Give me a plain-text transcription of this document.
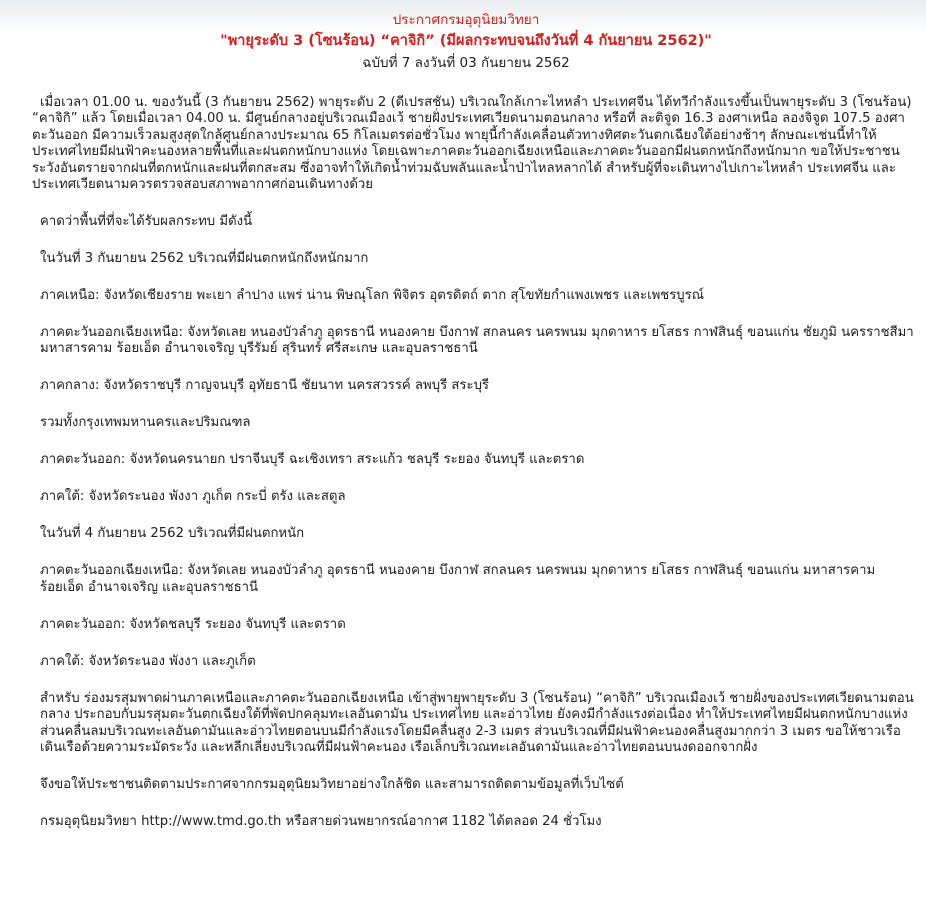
ประกาศกรมอุตุนิยมวิทยา
"พายุระดับ 3 (โซนร้อน) “คาจิกิ” (มีผลกระทบจนถึงวันที่ 4 กันยายน 2562)"
ฉบับที่ 7 ลงวันที่ 03 กันยายน 2562

เมื่อเวลา 01.00 น. ของวันนี้ (3 กันยายน 2562) พายุระดับ 2 (ดีเปรสชัน) บริเวณใกล้เกาะไหหลำ ประเทศจีน ได้ทวีกำลังแรงขึ้นเป็นพายุระดับ 3 (โซนร้อน) “คาจิกิ” แล้ว โดยเมื่อเวลา 04.00 น. มีศูนย์กลางอยู่บริเวณเมืองเว้ ชายฝั่งประเทศเวียดนามตอนกลาง หรือที่ ละติจูด 16.3 องศาเหนือ ลองจิจูด 107.5 องศาตะวันออก มีความเร็วลมสูงสุดใกล้ศูนย์กลางประมาณ 65 กิโลเมตรต่อชั่วโมง พายุนี้กำลังเคลื่อนตัวทางทิศตะวันตกเฉียงใต้อย่างช้าๆ ลักษณะเช่นนี้ทำให้ประเทศไทยมีฝนฟ้าคะนองหลายพื้นที่และฝนตกหนักบางแห่ง โดยเฉพาะภาคตะวันออกเฉียงเหนือและภาคตะวันออกมีฝนตกหนักถึงหนักมาก ขอให้ประชาชนระวังอันตรายจากฝนที่ตกหนักและฝนที่ตกสะสม ซึ่งอาจทำให้เกิดน้ำท่วมฉับพลันและน้ำป่าไหลหลากได้ สำหรับผู้ที่จะเดินทางไปเกาะไหหลำ ประเทศจีน และประเทศเวียดนามควรตรวจสอบสภาพอากาศก่อนเดินทางด้วย

คาดว่าพื้นที่ที่จะได้รับผลกระทบ มีดังนี้

ในวันที่ 3 กันยายน 2562 บริเวณที่มีฝนตกหนักถึงหนักมาก

ภาคเหนือ: จังหวัดเชียงราย พะเยา ลำปาง แพร่ น่าน พิษณุโลก พิจิตร อุตรดิตถ์ ตาก สุโขทัยกำแพงเพชร และเพชรบูรณ์

ภาคตะวันออกเฉียงเหนือ: จังหวัดเลย หนองบัวลำภู อุดรธานี หนองคาย บึงกาฬ สกลนคร นครพนม มุกดาหาร ยโสธร กาฬสินธุ์ ขอนแก่น ชัยภูมิ นครราชสีมา มหาสารคาม ร้อยเอ็ด อำนาจเจริญ บุรีรัมย์ สุรินทร์ ศรีสะเกษ และอุบลราชธานี

ภาคกลาง: จังหวัดราชบุรี กาญจนบุรี อุทัยธานี ชัยนาท นครสวรรค์ ลพบุรี สระบุรี

รวมทั้งกรุงเทพมหานครและปริมณฑล

ภาคตะวันออก: จังหวัดนครนายก ปราจีนบุรี ฉะเชิงเทรา สระแก้ว ชลบุรี ระยอง จันทบุรี และตราด

ภาคใต้: จังหวัดระนอง พังงา ภูเก็ต กระบี่ ตรัง และสตูล

ในวันที่ 4 กันยายน 2562 บริเวณที่มีฝนตกหนัก

ภาคตะวันออกเฉียงเหนือ: จังหวัดเลย หนองบัวลำภู อุดรธานี หนองคาย บึงกาฬ สกลนคร นครพนม มุกดาหาร ยโสธร กาฬสินธุ์ ขอนแก่น มหาสารคาม ร้อยเอ็ด อำนาจเจริญ และอุบลราชธานี

ภาคตะวันออก: จังหวัดชลบุรี ระยอง จันทบุรี และตราด

ภาคใต้: จังหวัดระนอง พังงา และภูเก็ต

สำหรับ ร่องมรสุมพาดผ่านภาคเหนือและภาคตะวันออกเฉียงเหนือ เข้าสู่พายุพายุระดับ 3 (โซนร้อน) “คาจิกิ” บริเวณเมืองเว้ ชายฝั่งของประเทศเวียดนามตอนกลาง ประกอบกับมรสุมตะวันตกเฉียงใต้ที่พัดปกคลุมทะเลอันดามัน ประเทศไทย และอ่าวไทย ยังคงมีกำลังแรงต่อเนื่อง ทำให้ประเทศไทยมีฝนตกหนักบางแห่ง ส่วนคลื่นลมบริเวณทะเลอันดามันและอ่าวไทยตอนบนมีกำลังแรงโดยมีคลื่นสูง 2-3 เมตร ส่วนบริเวณที่มีฝนฟ้าคะนองคลื่นสูงมากกว่า 3 เมตร ขอให้ชาวเรือเดินเรือด้วยความระมัดระวัง และหลีกเลี่ยงบริเวณที่มีฝนฟ้าคะนอง เรือเล็กบริเวณทะเลอันดามันและอ่าวไทยตอนบนงดออกจากฝั่ง

จึงขอให้ประชาชนติดตามประกาศจากกรมอุตุนิยมวิทยาอย่างใกล้ชิด และสามารถติดตามข้อมูลที่เว็บไซต์

กรมอุตุนิยมวิทยา http://www.tmd.go.th หรือสายด่วนพยากรณ์อากาศ 1182 ได้ตลอด 24 ชั่วโมง
